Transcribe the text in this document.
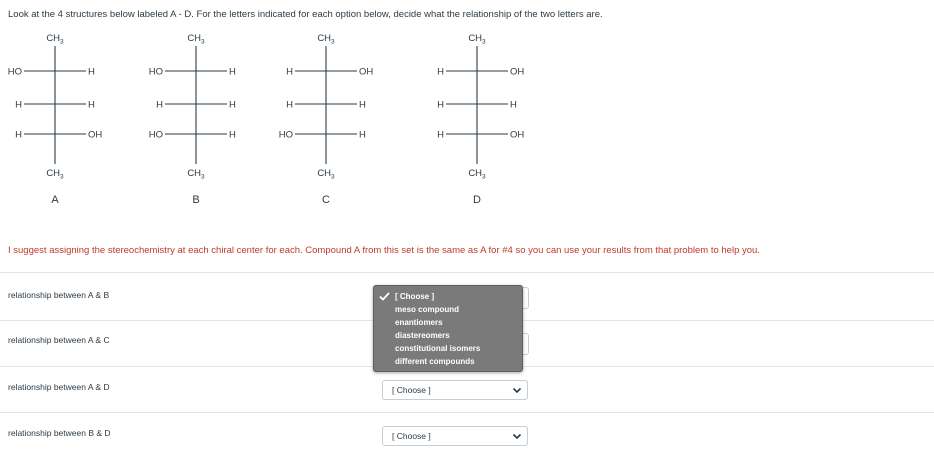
Look at the 4 structures below labeled A - D. For the letters indicated for each option below, decide what the relationship of the two letters are.
$CH_3$
$CH_3$
HO	H
H	H
H	OH
A
$CH_3$
$CH_3$
HO	H
H	H
HO	H
B
$CH_3$
$CH_3$
H	OH
H	H
HO	H
C
$CH_3$
$CH_3$
H	OH
H	H
H	OH
D
I suggest assigning the stereochemistry at each chiral center for each. Compound A from this set is the same as A for #4 so you can use your results from that problem to help you.
relationship between A & B
relationship between A & C
relationship between A & D	[ Choose ]
relationship between B & D	[ Choose ]
[ Choose ]
meso compound
enantiomers
diastereomers
constitutional isomers
different compounds
